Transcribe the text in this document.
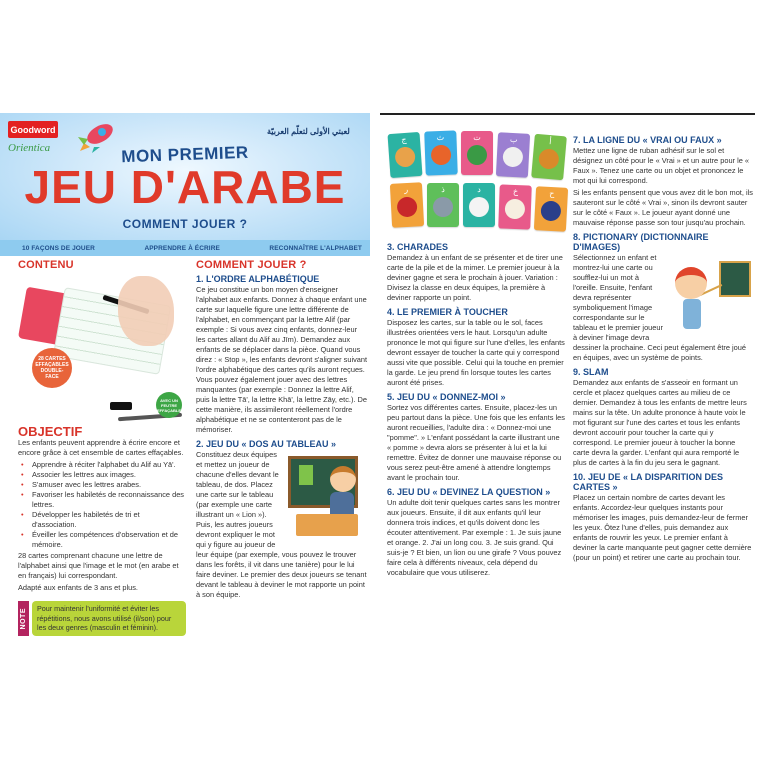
Goodword
Orientica
لعبتي الأولى لتعلّم العربيّة
MON PREMIER
JEU D'ARABE
COMMENT JOUER ?
10 FAÇONS DE JOUER	APPRENDRE À ÉCRIRE	RECONNAÎTRE L'ALPHABET
CONTENU
28 CARTES EFFAÇABLES DOUBLE-FACE
AVEC UN FEUTRE EFFAÇABLE
OBJECTIF

Les enfants peuvent apprendre à écrire encore et encore grâce à cet ensemble de cartes effaçables.

• Apprendre à réciter l'alphabet du Alif au Yā'.
• Associer les lettres aux images.
• S'amuser avec les lettres arabes.
• Favoriser les habiletés de reconnaissance des lettres.
• Développer les habiletés de tri et d'association.
• Éveiller les compétences d'observation et de mémoire.

28 cartes comprenant chacune une lettre de l'alphabet ainsi que l'image et le mot (en arabe et en français) lui correspondant.

Adapté aux enfants de 3 ans et plus.

NOTE	Pour maintenir l'uniformité et éviter les répétitions, nous avons utilisé (il/son) pour les deux genres (masculin et féminin).
COMMENT JOUER ?
1. L'ORDRE ALPHABÉTIQUE

Ce jeu constitue un bon moyen d'enseigner l'alphabet aux enfants. Donnez à chaque enfant une carte sur laquelle figure une lettre différente de l'alphabet, en commençant par la lettre Alif (par exemple : Si vous avez cinq enfants, donnez-leur les cartes allant du Alif au Jīm). Demandez aux enfants de se déplacer dans la pièce. Quand vous direz : « Stop », les enfants devront s'aligner suivant l'ordre alphabétique des cartes qu'ils auront reçues. Vous pouvez également jouer avec des lettres manquantes (par exemple : Donnez la lettre Alif, puis la lettre Tā', la lettre Khā', la lettre Zāy, etc.). De cette manière, ils assimileront réellement l'ordre alphabétique et ne se contenteront pas de le mémoriser.

2. JEU DU « DOS AU TABLEAU »

Constituez deux équipes et mettez un joueur de chacune d'elles devant le tableau, de dos. Placez une carte sur le tableau (par exemple une carte illustrant un « Lion »). Puis, les autres joueurs devront expliquer le mot qui y figure au joueur de leur équipe (par exemple, vous pouvez le trouver dans les forêts, il vit dans une tanière) pour le lui faire deviner. Le premier des deux joueurs se tenant devant le tableau à deviner le mot rapporte un point à son équipe.

ج	ث	ت	ب	أ
ر	ذ	د	خ	ح
3. CHARADES

Demandez à un enfant de se présenter et de tirer une carte de la pile et de la mimer. Le premier joueur à la deviner gagne et sera le prochain à jouer. Variation : Divisez la classe en deux équipes, la première à deviner rapporte un point.

4. LE PREMIER À TOUCHER

Disposez les cartes, sur la table ou le sol, faces illustrées orientées vers le haut. Lorsqu'un adulte prononce le mot qui figure sur l'une d'elles, les enfants devront essayer de toucher la carte qui y correspond aussi vite que possible. Celui qui la touche en premier la garde. Le jeu prend fin lorsque toutes les cartes auront été prises.

5. JEU DU « DONNEZ-MOI »

Sortez vos différentes cartes. Ensuite, placez-les un peu partout dans la pièce. Une fois que les enfants les auront recueillies, l'adulte dira : « Donnez-moi une "pomme". » L'enfant possédant la carte illustrant une « pomme » devra alors se présenter à lui et la lui remettre. Évitez de donner une mauvaise réponse ou vous serez peut-être amené à attendre longtemps avant le prochain tour.

6. JEU DU « DEVINEZ LA QUESTION »

Un adulte doit tenir quelques cartes sans les montrer aux joueurs. Ensuite, il dit aux enfants qu'il leur donnera trois indices, et qu'ils doivent donc les écouter attentivement. Par exemple : 1. Je suis jaune et orange. 2. J'ai un long cou. 3. Je suis grand. Qui suis-je ? Et bien, un lion ou une girafe ? Vous pouvez faire cela à différents niveaux, cela dépend du vocabulaire que vous utiliserez.

7. LA LIGNE DU « VRAI OU FAUX »

Mettez une ligne de ruban adhésif sur le sol et désignez un côté pour le « Vrai » et un autre pour le « Faux ». Tenez une carte ou un objet et prononcez le mot qui lui correspond.

Si les enfants pensent que vous avez dit le bon mot, ils sauteront sur le côté « Vrai », sinon ils devront sauter sur le côté « Faux ». Le joueur ayant donné une mauvaise réponse passe son tour jusqu'au prochain.

8. PICTIONARY (DICTIONNAIRE D'IMAGES)

Sélectionnez un enfant et montrez-lui une carte ou soufflez-lui un mot à l'oreille. Ensuite, l'enfant devra représenter symboliquement l'image correspondante sur le tableau et le premier joueur à deviner l'image devra dessiner la prochaine. Ceci peut également être joué en équipes, avec un système de points.

9. SLAM

Demandez aux enfants de s'asseoir en formant un cercle et placez quelques cartes au milieu de ce dernier. Demandez à tous les enfants de mettre leurs mains sur la tête. Un adulte prononce à haute voix le mot figurant sur l'une des cartes et tous les enfants devront accourir pour toucher la carte qui y correspond. Le premier joueur à toucher la bonne carte devra la garder. L'enfant qui aura remporté le plus de cartes à la fin du jeu sera le gagnant.

10. JEU DE « LA DISPARITION DES CARTES »

Placez un certain nombre de cartes devant les enfants. Accordez-leur quelques instants pour mémoriser les images, puis demandez-leur de fermer les yeux. Ôtez l'une d'elles, puis demandez aux enfants de rouvrir les yeux. Le premier enfant à deviner la carte manquante peut gagner cette dernière (pour un point) et retirer une carte au prochain tour.
